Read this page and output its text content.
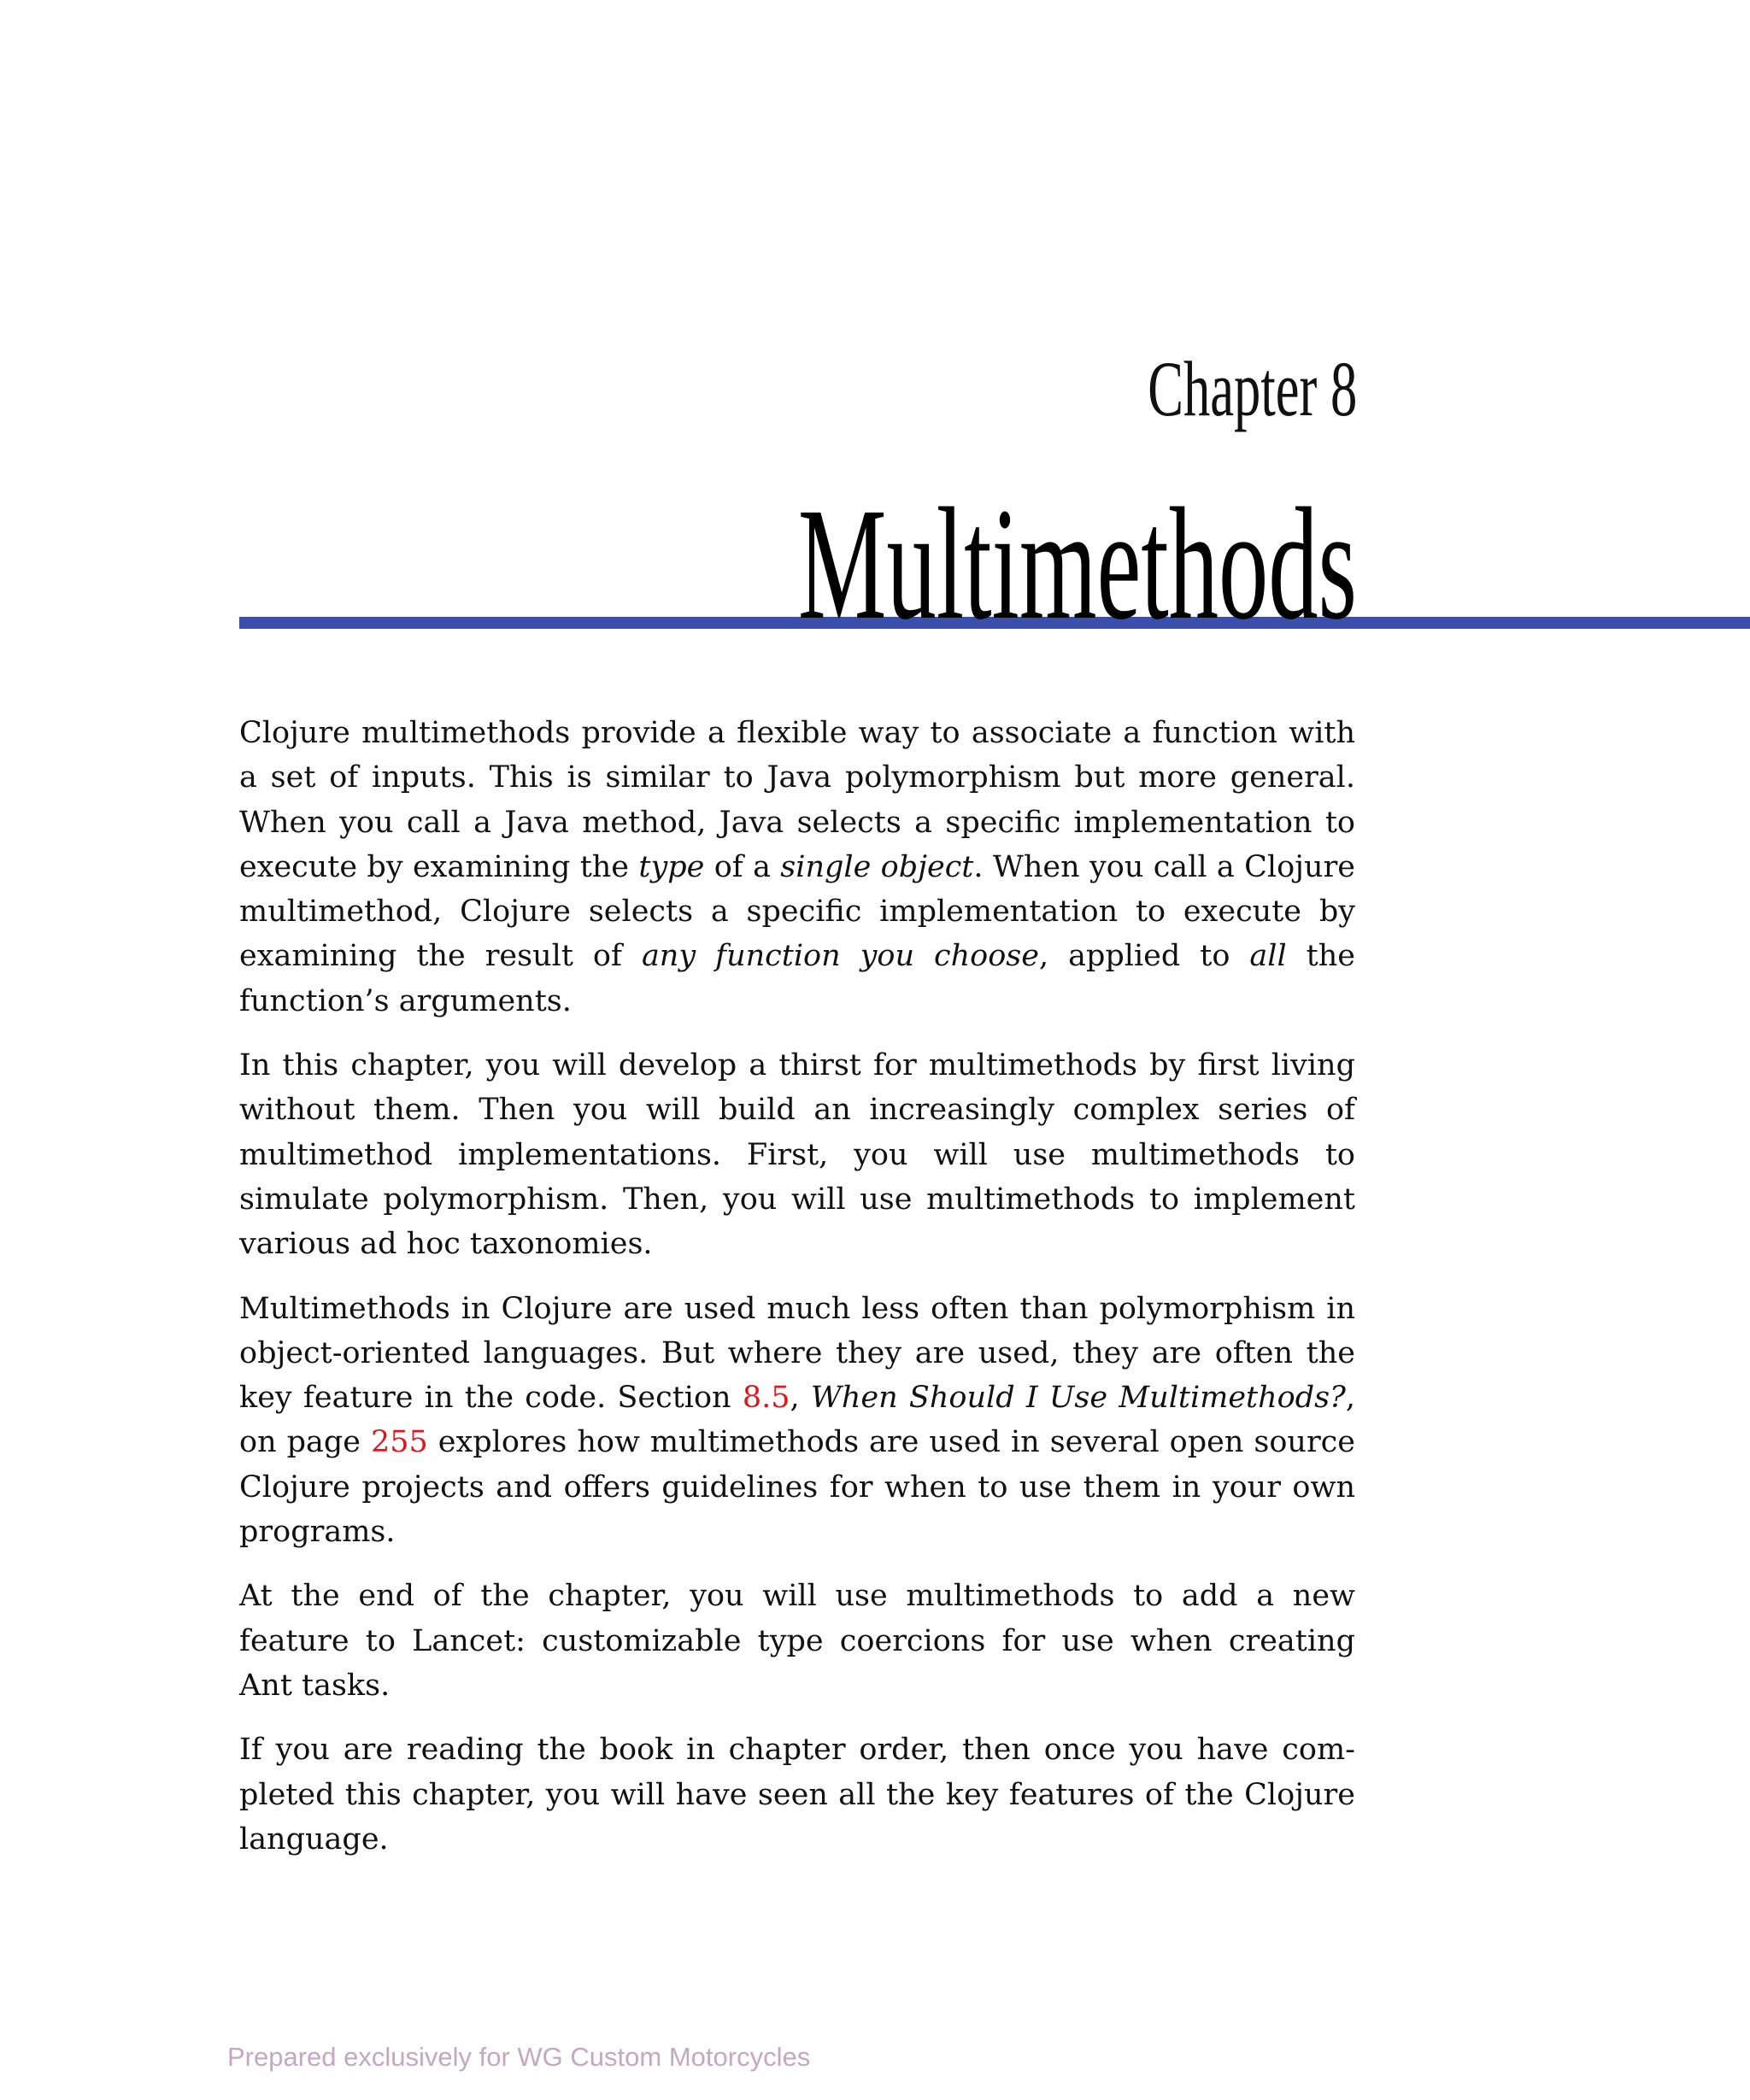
Chapter 8
Multimethods

Clojure multimethods provide a flexible way to associate a function with a set of inputs. This is similar to Java polymorphism but more general. When you call a Java method, Java selects a specific implementation to execute by examining the type of a single object. When you call a Clojure multimethod, Clojure selects a specific implementation to execute by examining the result of any function you choose, applied to all the function’s arguments.

In this chapter, you will develop a thirst for multimethods by first living without them. Then you will build an increasingly complex series of multimethod implementations. First, you will use multimethods to simulate polymorphism. Then, you will use multimethods to implement various ad hoc taxonomies.

Multimethods in Clojure are used much less often than polymorphism in object-oriented languages. But where they are used, they are often the key feature in the code. Section 8.5, When Should I Use Multimethods?, on page 255 explores how multimethods are used in several open source Clojure projects and offers guidelines for when to use them in your own programs.

At the end of the chapter, you will use multimethods to add a new feature to Lancet: customizable type coercions for use when creating Ant tasks.

If you are reading the book in chapter order, then once you have completed this chapter, you will have seen all the key features of the Clojure language.

Prepared exclusively for WG Custom Motorcycles
